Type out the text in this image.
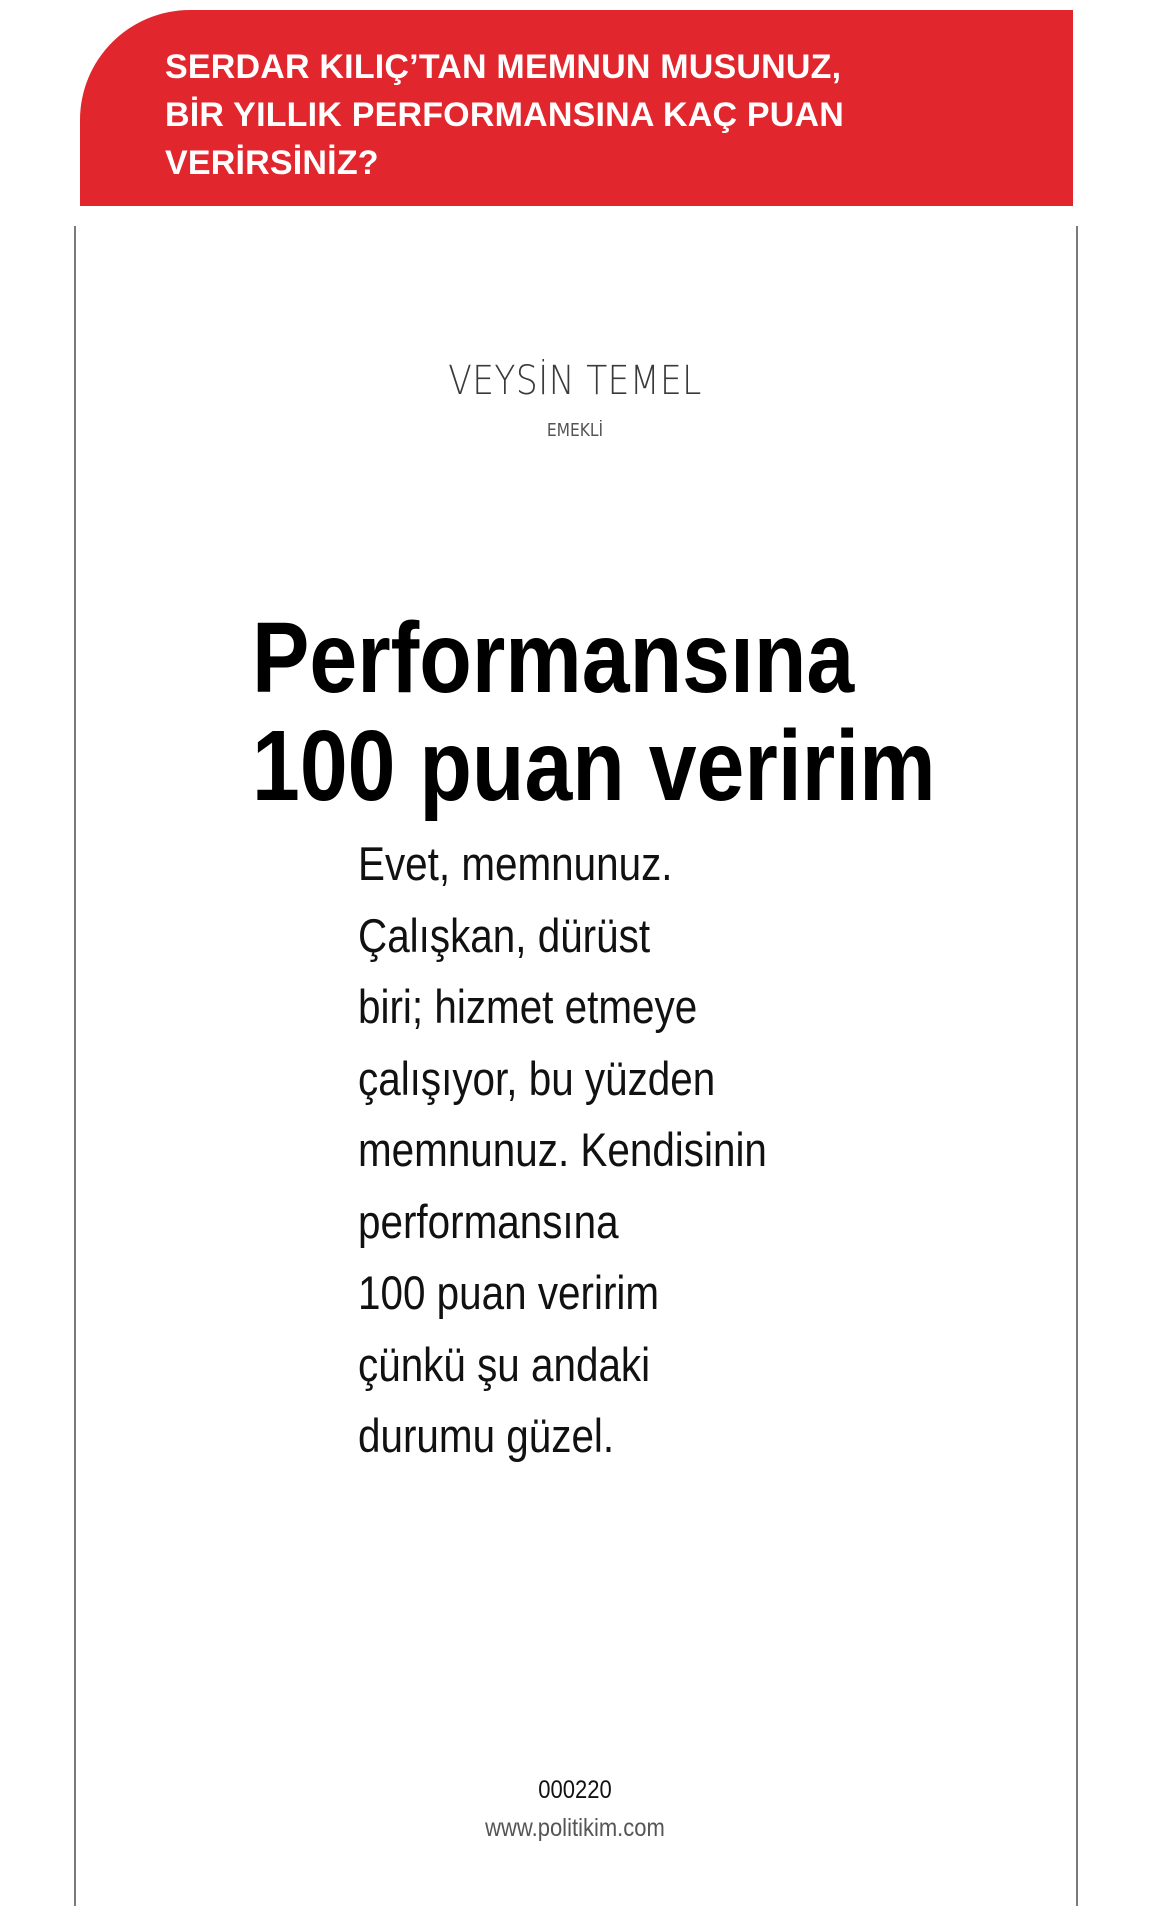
SERDAR KILIÇ’TAN MEMNUN MUSUNUZ, BİR YILLIK PERFORMANSINA KAÇ PUAN VERİRSİNİZ?
VEYSİN TEMEL
EMEKLİ
Performansına
100 puan veririm
Evet, memnunuz.
Çalışkan, dürüst
biri; hizmet etmeye
çalışıyor, bu yüzden
memnunuz. Kendisinin
performansına
100 puan veririm
çünkü şu andaki
durumu güzel.
000220
www.politikim.com
